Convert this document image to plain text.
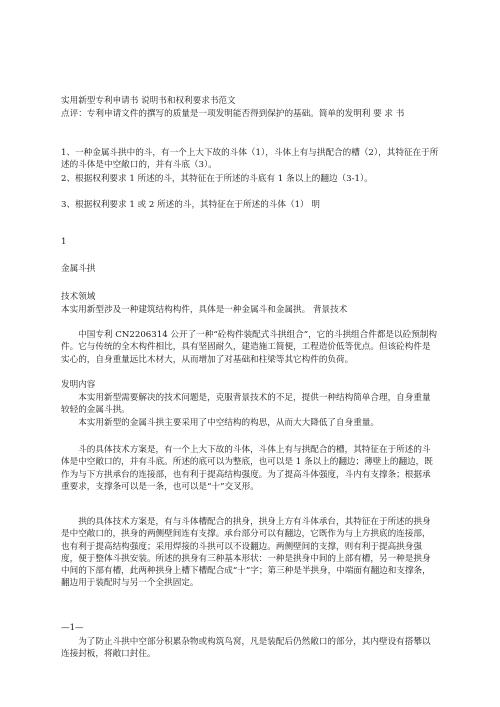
实用新型专利申请书 说明书和权利要求书范文
点评：专利申请文件的撰写的质量是一项发明能否得到保护的基础。简单的发明利 要 求 书
1、一种金属斗拱中的斗，有一个上大下故的斗体（1），斗体上有与拱配合的槽（2），其特征在于所述的斗体是中空敞口的，并有斗底（3）。
2、根据权利要求 1 所述的斗，其特征在于所述的斗底有 1 条以上的翻边（3-1）。
3、根据权利要求 1 或 2 所述的斗，其特征在于所述的斗体（1） 明
1
金属斗拱
技术领域
本实用新型涉及一种建筑结构构件，具体是一种金属斗和金属拱。 背景技术
中国专利 CN2206314 公开了一种“砼构件装配式斗拱组合”，它的斗拱组合件都是以砼预制构件。它与传统的全木构件相比，具有坚固耐久，建造施工简便，工程造价低等优点。但该砼构件是实心的，自身重量远比木材大，从而增加了对基础和柱梁等其它构件的负荷。
发明内容
本实用新型需要解决的技术问题是，克服背景技术的不足，提供一种结构简单合理，自身重量较轻的金属斗拱。
本实用新型的金属斗拱主要采用了中空结构的构思，从而大大降低了自身重量。
斗的具体技术方案是，有一个上大下故的斗体，斗体上有与拱配合的槽，其特征在于所述的斗体是中空敞口的，并有斗底。所述的底可以为整底，也可以是 1 条以上的翻边；薄壁上的翻边，既作为与下方拱承台的连接部，也有利于提高结构强度。为了提高斗体强度，斗内有支撑条；根据承重要求，支撑条可以是一条，也可以是“十”交叉形。
拱的具体技术方案是，有与斗体槽配合的拱身，拱身上方有斗体承台，其特征在于所述的拱身是中空敞口的，拱身的两侧壁间连有支撑。承台部分可以有翻边，它既作为与上方拱底的连接部，也有利于提高结构强度；采用焊接的斗拱可以不设翻边。两侧壁间的支撑，则有利于提高拱身强度，便于整体斗拱安装。所述的拱身有三种基本形状：一种是拱身中间的上部有槽，另一种是拱身中间的下部有槽，此两种拱身上槽下槽配合成“十”字；第三种是半拱身，中端面有翻边和支撑条，翻边用于装配时与另一个全拱固定。
—1—
为了防止斗拱中空部分积累杂物或构筑鸟窝，凡是装配后仍然敞口的部分，其内壁设有搭攀以连接封板，将敞口封住。
